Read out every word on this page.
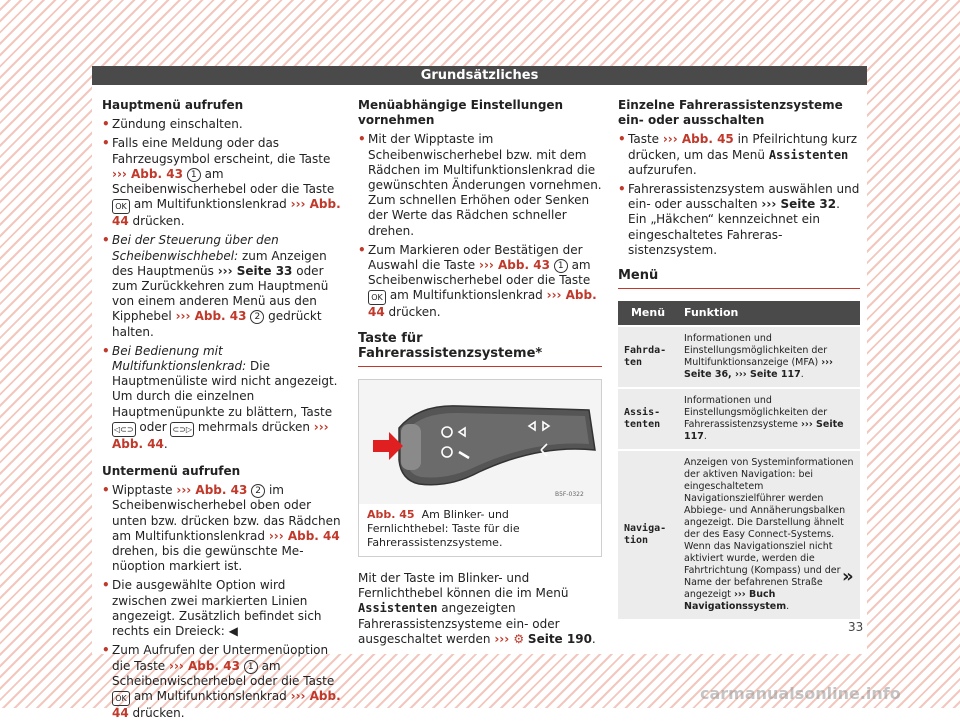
Grundsätzliches
Hauptmenü aufrufen
• Zündung einschalten.
• Falls eine Meldung oder das Fahrzeugsymbol erscheint, die Taste ››› Abb. 43 1 am Scheibenwischerhebel oder die Taste OK am Multifunktionslenkrad ››› Abb. 44 drücken.
• Bei der Steuerung über den Scheibenwischhebel: zum Anzeigen des Hauptmenüs ››› Seite 33 oder zum Zurückkehren zum Hauptmenü von einem anderen Menü aus den Kipphebel ››› Abb. 43 2 gedrückt halten.
• Bei Bedienung mit Multifunktionslenkrad: Die Hauptmenüliste wird nicht angezeigt. Um durch die einzelnen Hauptmenüpunkte zu blättern, Taste ◁⊂⊃ oder ⊂⊃▷ mehrmals drücken ››› Abb. 44.
Untermenü aufrufen
• Wipptaste ››› Abb. 43 2 im Scheibenwischerhebel oben oder unten bzw. drücken bzw. das Rädchen am Multifunktionslenkrad ››› Abb. 44 drehen, bis die gewünschte Menüoption markiert ist.
• Die ausgewählte Option wird zwischen zwei markierten Linien angezeigt. Zusätzlich befindet sich rechts ein Dreieck: ◀
• Zum Aufrufen der Untermenüoption die Taste ››› Abb. 43 1 am Scheibenwischerhebel oder die Taste OK am Multifunktionslenkrad ››› Abb. 44 drücken.
Menüabhängige Einstellungen vornehmen
• Mit der Wipptaste im Scheibenwischerhebel bzw. mit dem Rädchen im Multifunktionslenkrad die gewünschten Änderungen vornehmen. Zum schnellen Erhöhen oder Senken der Werte das Rädchen schneller drehen.
• Zum Markieren oder Bestätigen der Auswahl die Taste ››› Abb. 43 1 am Scheibenwischerhebel oder die Taste OK am Multifunktionslenkrad ››› Abb. 44 drücken.
Taste für Fahrerassistenzsysteme*
B5F-0322
Abb. 45 Am Blinker- und Fernlichthebel: Taste für die Fahrerassistenzsysteme.
Mit der Taste im Blinker- und Fernlichthebel können die im Menü Assistenten angezeigten Fahrerassistenzsysteme ein- oder ausgeschaltet werden ››› ⚙ Seite 190.
Einzelne Fahrerassistenzsysteme ein- oder ausschalten
• Taste ››› Abb. 45 in Pfeilrichtung kurz drücken, um das Menü Assistenten aufzurufen.
• Fahrerassistenzsystem auswählen und ein- oder ausschalten ››› Seite 32. Ein „Häkchen“ kennzeichnet ein eingeschaltetes Fahrerassistenzsystem.
Menü
Menü	Funktion
Fahrdaten	Informationen und Einstellungsmöglichkeiten der Multifunktionsanzeige (MFA) ››› Seite 36, ››› Seite 117.
Assistenten	Informationen und Einstellungsmöglichkeiten der Fahrerassistenzsysteme ››› Seite 117.
Navigation	Anzeigen von Systeminformationen der aktiven Navigation: bei eingeschaltetem Navigationszielführer werden Abbiege- und Annäherungsbalken angezeigt. Die Darstellung ähnelt der des Easy Connect-Systems. Wenn das Navigationsziel nicht aktiviert wurde, werden die Fahrtrichtung (Kompass) und der Name der befahrenen Straße angezeigt ››› Buch Navigationssystem.
»
33
carmanualsonline.info
